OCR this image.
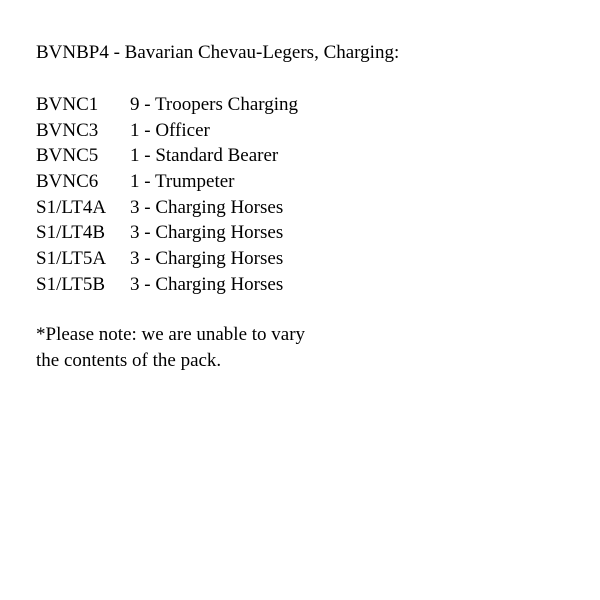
BVNBP4 - Bavarian Chevau-Legers, Charging:
BVNC1	9 - Troopers Charging
BVNC3	1 - Officer
BVNC5	1 - Standard Bearer
BVNC6	1 - Trumpeter
S1/LT4A	3 - Charging Horses
S1/LT4B	3 - Charging Horses
S1/LT5A	3 - Charging Horses
S1/LT5B	3 - Charging Horses
*Please note: we are unable to vary
the contents of the pack.
